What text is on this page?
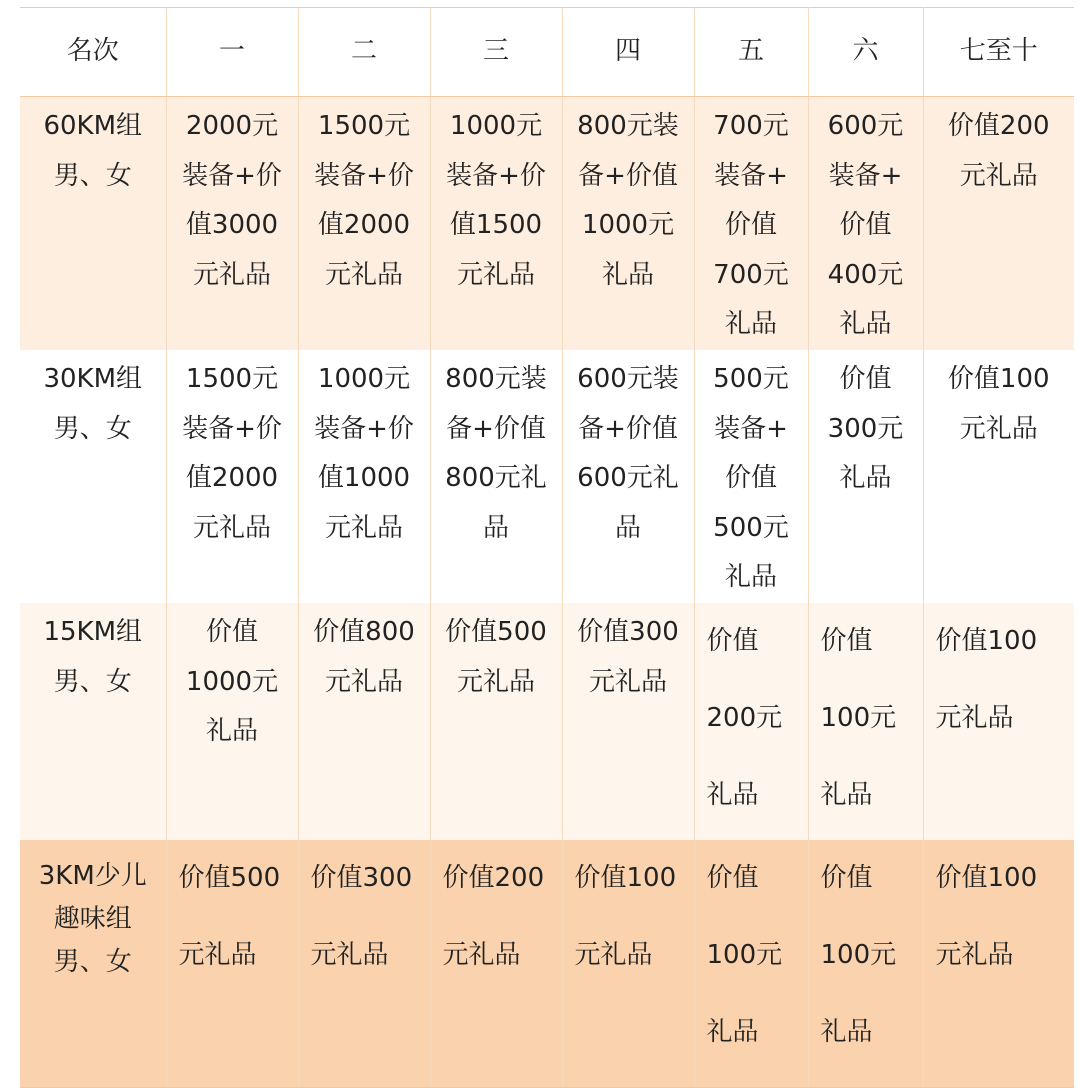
名次	一	二	三	四	五	六	七至十
60KM组
男、女	2000元
装备+价
值3000
元礼品	1500元
装备+价
值2000
元礼品	1000元
装备+价
值1500
元礼品	800元装
备+价值
1000元
礼品	700元
装备+
价值
700元
礼品	600元
装备+
价值
400元
礼品	价值200
元礼品
30KM组
男、女	1500元
装备+价
值2000
元礼品	1000元
装备+价
值1000
元礼品	800元装
备+价值
800元礼
品	600元装
备+价值
600元礼
品	500元
装备+
价值
500元
礼品	价值
300元
礼品	价值100
元礼品
15KM组
男、女	价值
1000元
礼品	价值800
元礼品	价值500
元礼品	价值300
元礼品	价值
200元
礼品	价值
100元
礼品	价值100
元礼品
3KM少儿
趣味组
男、女	价值500
元礼品	价值300
元礼品	价值200
元礼品	价值100
元礼品	价值
100元
礼品	价值
100元
礼品	价值100
元礼品
